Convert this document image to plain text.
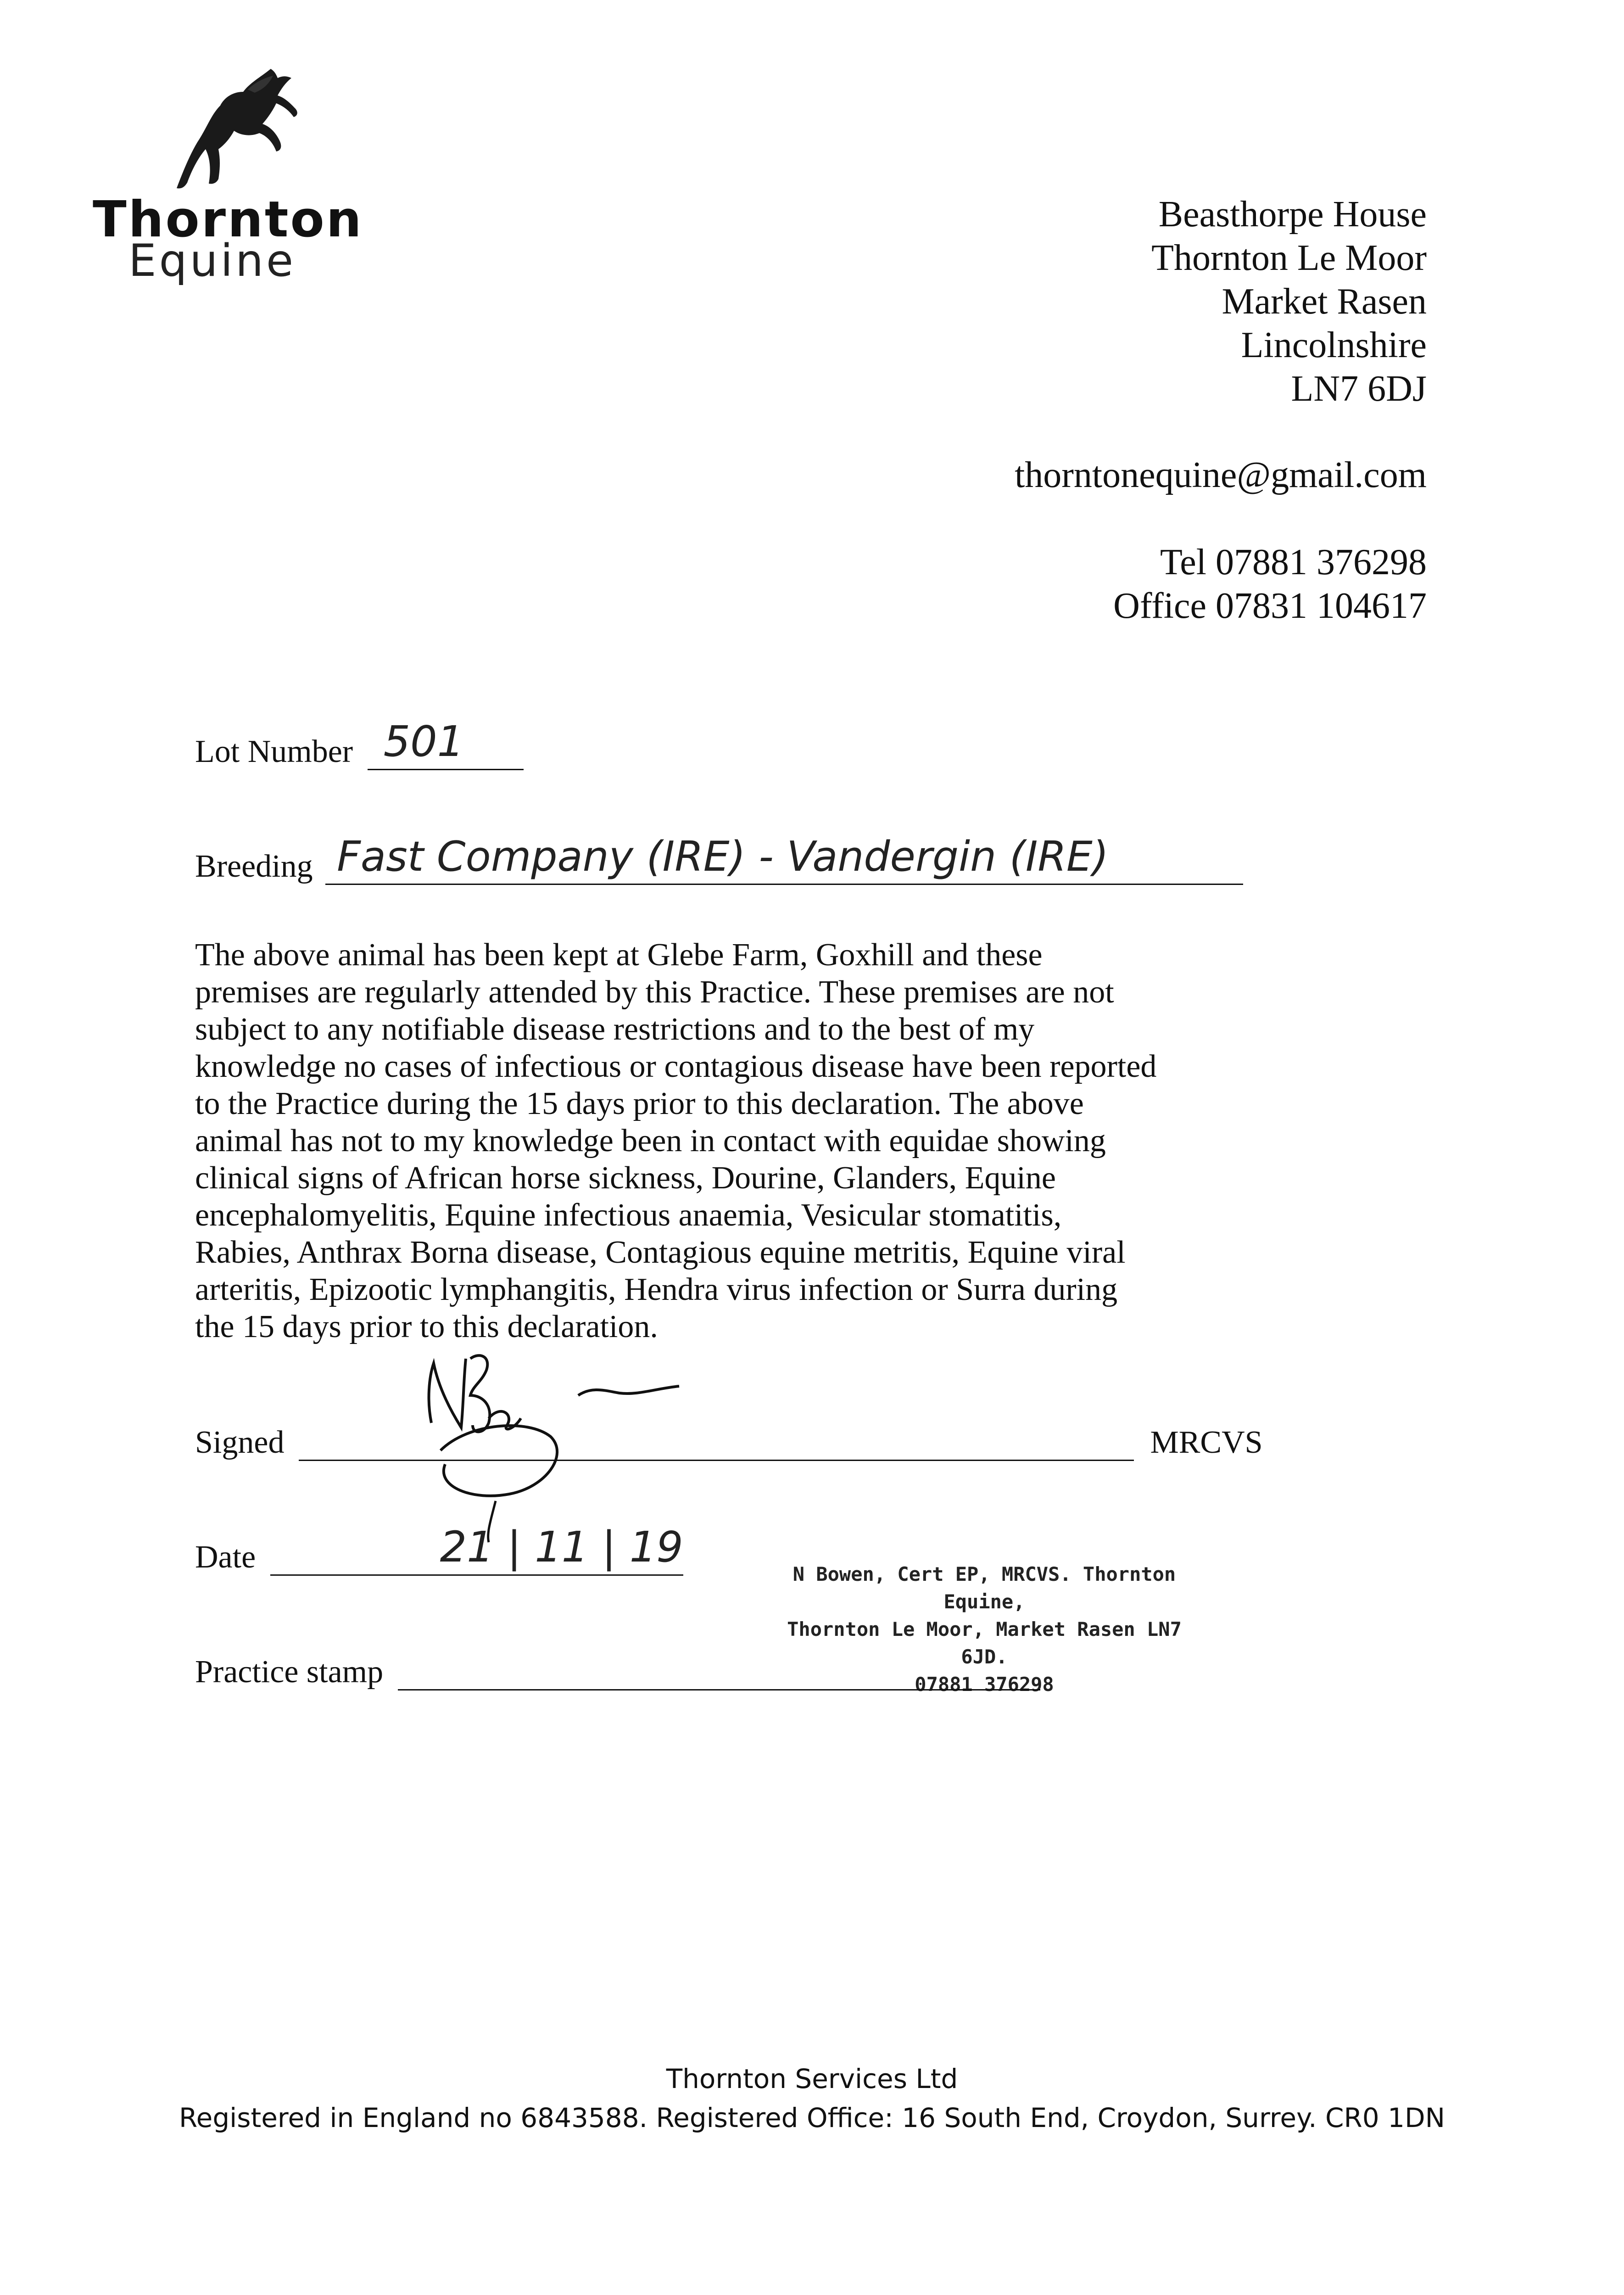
Thornton
Equine
Beasthorpe House
Thornton Le Moor
Market Rasen
Lincolnshire
LN7 6DJ
thorntonequine@gmail.com
Tel 07881 376298
Office 07831 104617
Lot Number 501
Breeding Fast Company (IRE) - Vandergin (IRE)
The above animal has been kept at Glebe Farm, Goxhill and these premises are regularly attended by this Practice. These premises are not subject to any notifiable disease restrictions and to the best of my knowledge no cases of infectious or contagious disease have been reported to the Practice during the 15 days prior to this declaration. The above animal has not to my knowledge been in contact with equidae showing clinical signs of African horse sickness, Dourine, Glanders, Equine encephalomyelitis, Equine infectious anaemia, Vesicular stomatitis, Rabies, Anthrax Borna disease, Contagious equine metritis, Equine viral arteritis, Epizootic lymphangitis, Hendra virus infection or Surra during the 15 days prior to this declaration.
Signed	MRCVS
Date	21 | 11 | 19
N Bowen, Cert EP, MRCVS. Thornton Equine,
Thornton Le Moor, Market Rasen LN7 6JD.
07881 376298
Practice stamp
Thornton Services Ltd
Registered in England no 6843588. Registered Office: 16 South End, Croydon, Surrey. CR0 1DN
